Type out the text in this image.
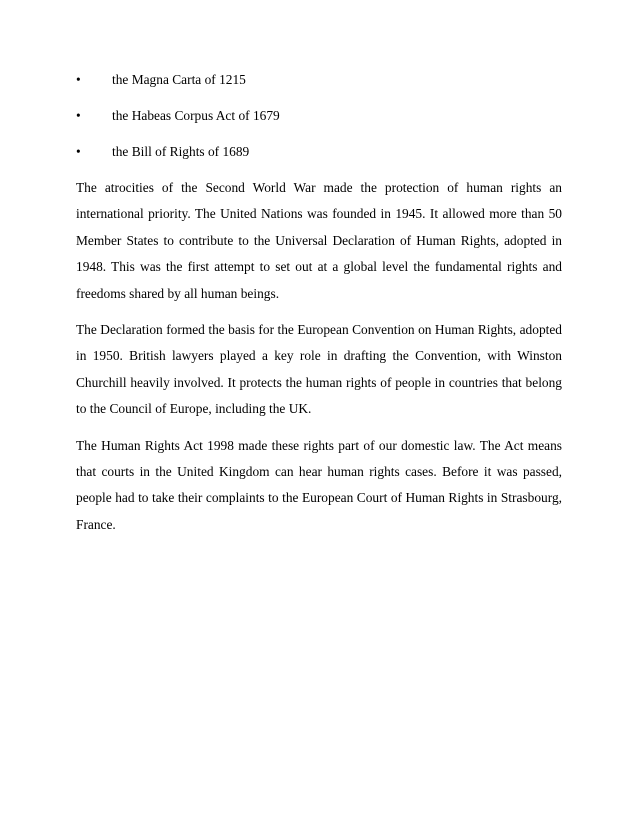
•	the Magna Carta of 1215
•	the Habeas Corpus Act of 1679
•	the Bill of Rights of 1689

The atrocities of the Second World War made the protection of human rights an international priority. The United Nations was founded in 1945. It allowed more than 50 Member States to contribute to the Universal Declaration of Human Rights, adopted in 1948. This was the first attempt to set out at a global level the fundamental rights and freedoms shared by all human beings.

The Declaration formed the basis for the European Convention on Human Rights, adopted in 1950. British lawyers played a key role in drafting the Convention, with Winston Churchill heavily involved. It protects the human rights of people in countries that belong to the Council of Europe, including the UK.

The Human Rights Act 1998 made these rights part of our domestic law. The Act means that courts in the United Kingdom can hear human rights cases. Before it was passed, people had to take their complaints to the European Court of Human Rights in Strasbourg, France.
